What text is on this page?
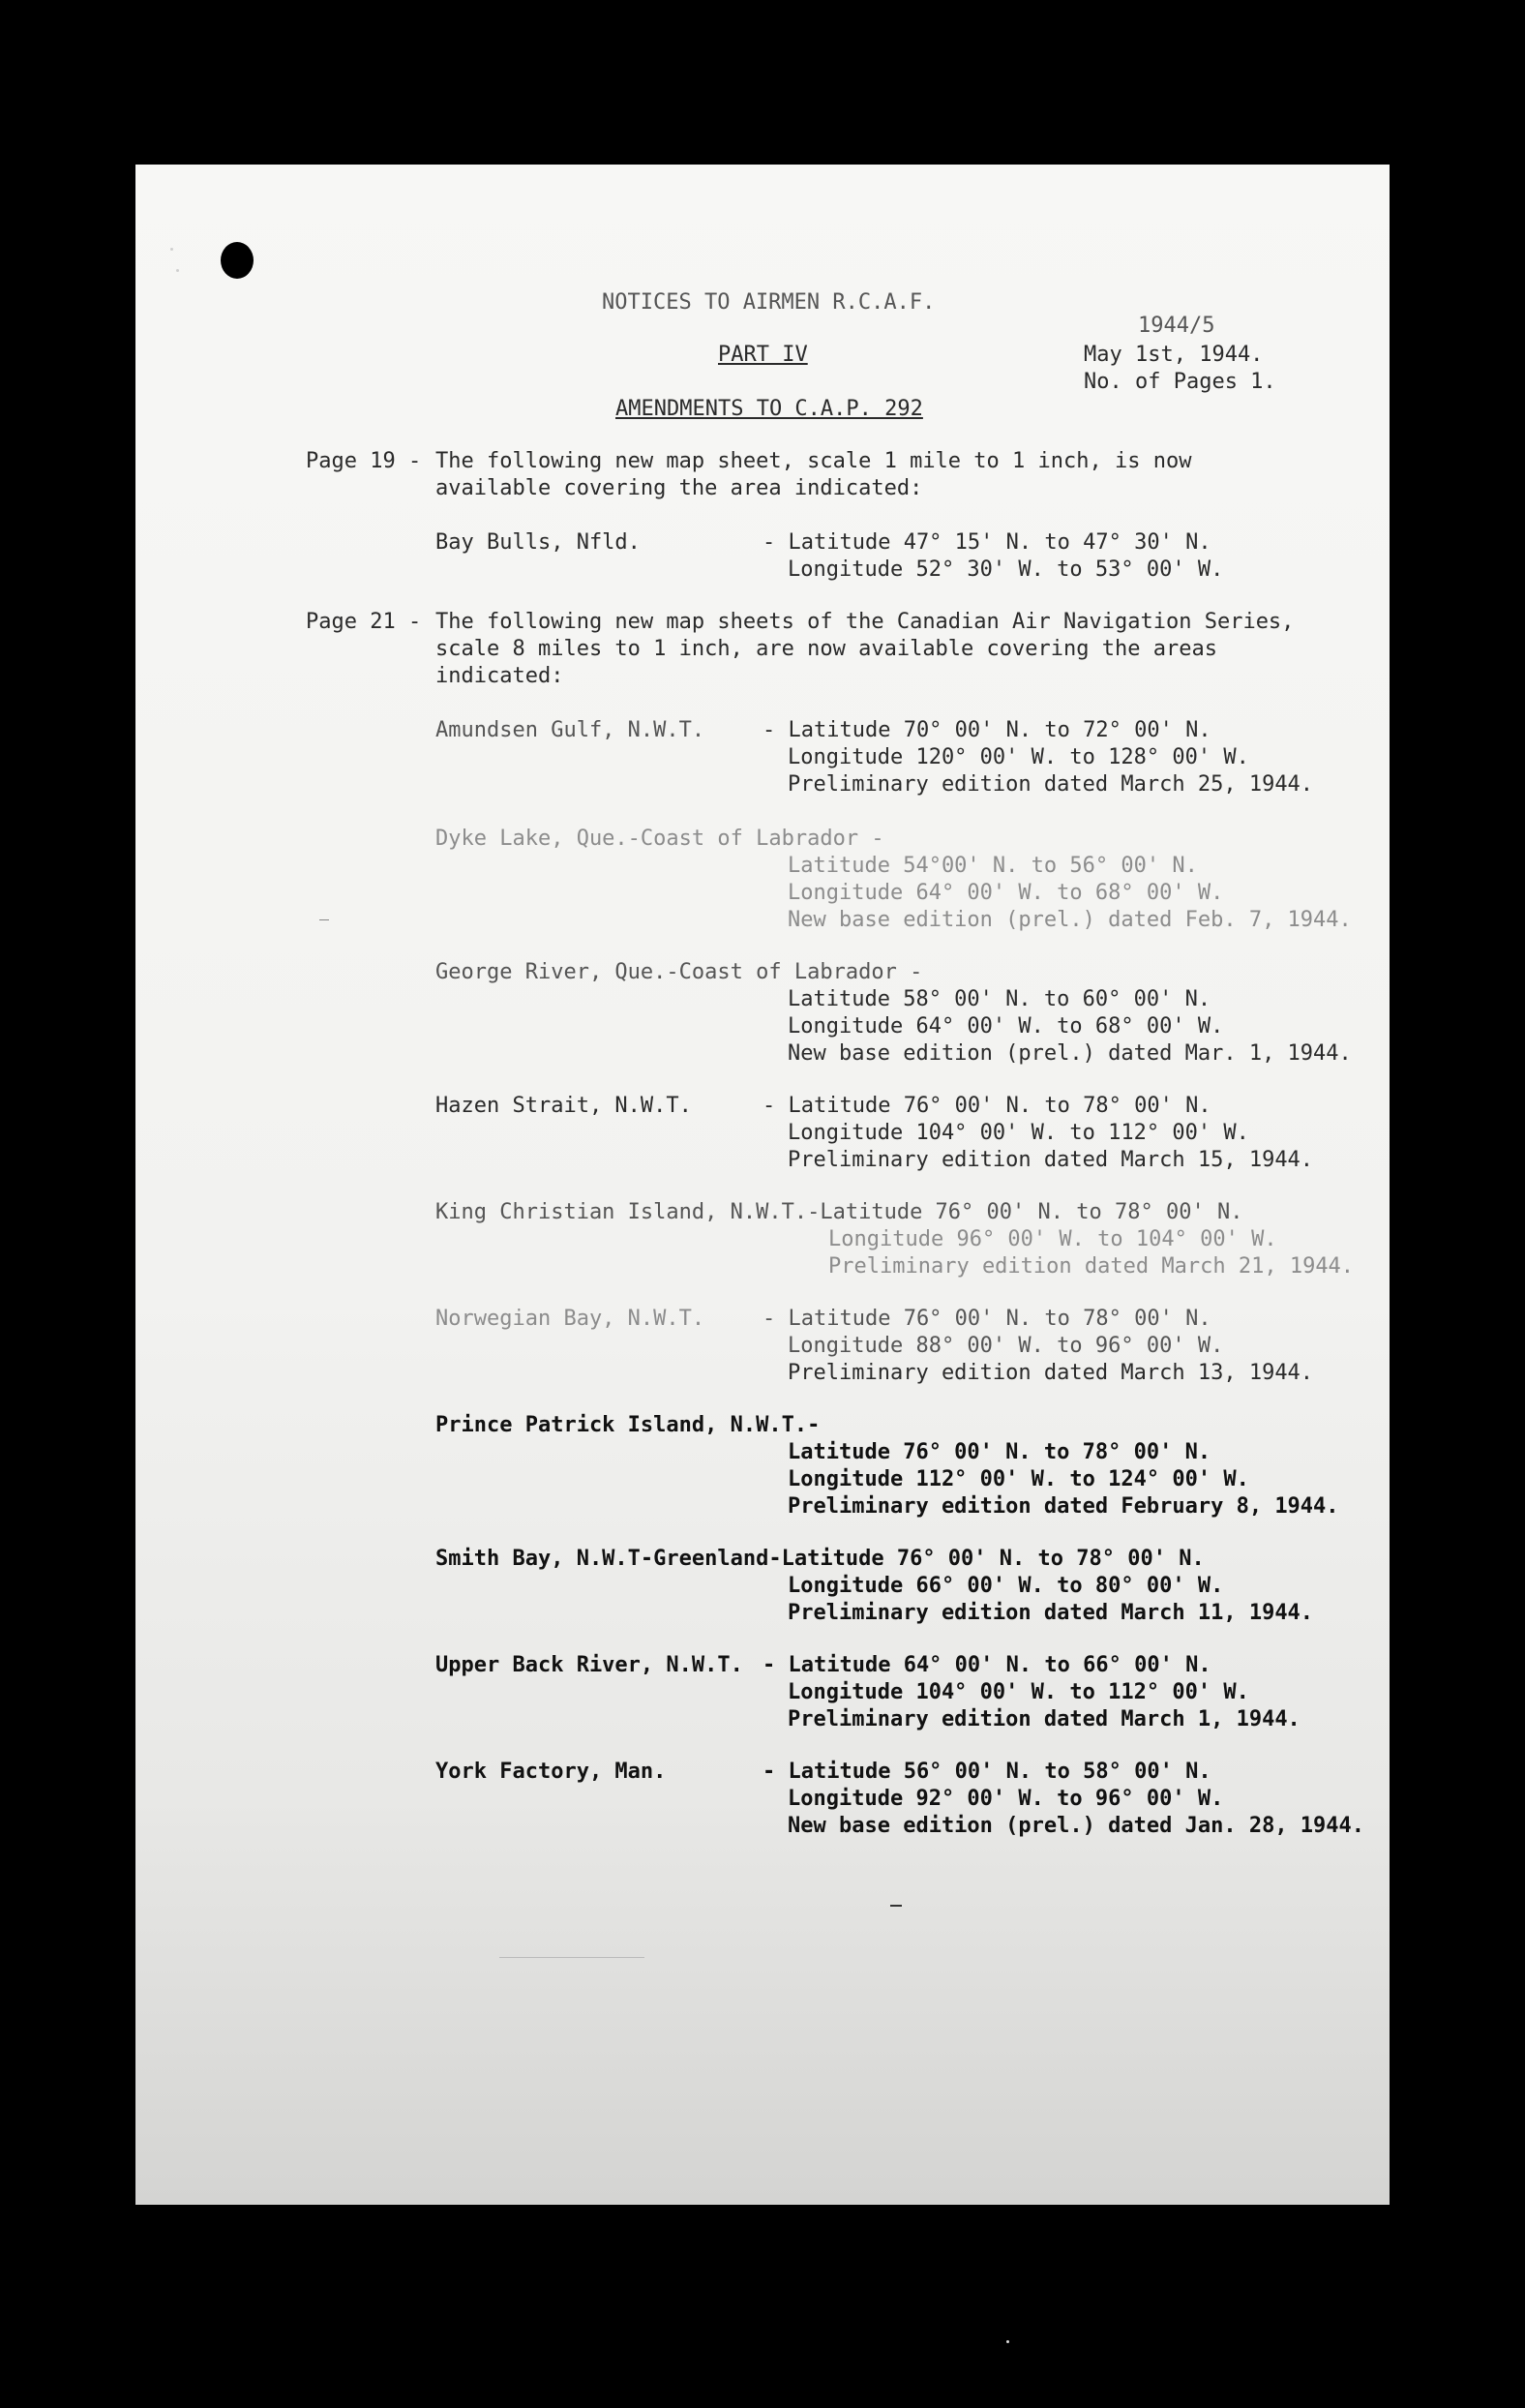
NOTICES TO AIRMEN R.C.A.F.
1944/5
PART IV	May 1st, 1944.
No. of Pages 1.
AMENDMENTS TO C.A.P. 292
Page 19 - The following new map sheet, scale 1 mile to 1 inch, is now
available covering the area indicated:
Bay Bulls, Nfld.	- Latitude 47° 15' N. to 47° 30' N.
Longitude 52° 30' W. to 53° 00' W.
Page 21 - The following new map sheets of the Canadian Air Navigation Series,
scale 8 miles to 1 inch, are now available covering the areas
indicated:
Amundsen Gulf, N.W.T.	- Latitude 70° 00' N. to 72° 00' N.
Longitude 120° 00' W. to 128° 00' W.
Preliminary edition dated March 25, 1944.
Dyke Lake, Que.-Coast of Labrador -
Latitude 54°00' N. to 56° 00' N.
Longitude 64° 00' W. to 68° 00' W.
New base edition (prel.) dated Feb. 7, 1944.
George River, Que.-Coast of Labrador -
Latitude 58° 00' N. to 60° 00' N.
Longitude 64° 00' W. to 68° 00' W.
New base edition (prel.) dated Mar. 1, 1944.
Hazen Strait, N.W.T.	- Latitude 76° 00' N. to 78° 00' N.
Longitude 104° 00' W. to 112° 00' W.
Preliminary edition dated March 15, 1944.
King Christian Island, N.W.T.-Latitude 76° 00' N. to 78° 00' N.
Longitude 96° 00' W. to 104° 00' W.
Preliminary edition dated March 21, 1944.
Norwegian Bay, N.W.T.	- Latitude 76° 00' N. to 78° 00' N.
Longitude 88° 00' W. to 96° 00' W.
Preliminary edition dated March 13, 1944.
Prince Patrick Island, N.W.T.-
Latitude 76° 00' N. to 78° 00' N.
Longitude 112° 00' W. to 124° 00' W.
Preliminary edition dated February 8, 1944.
Smith Bay, N.W.T-Greenland-Latitude 76° 00' N. to 78° 00' N.
Longitude 66° 00' W. to 80° 00' W.
Preliminary edition dated March 11, 1944.
Upper Back River, N.W.T. - Latitude 64° 00' N. to 66° 00' N.
Longitude 104° 00' W. to 112° 00' W.
Preliminary edition dated March 1, 1944.
York Factory, Man.	- Latitude 56° 00' N. to 58° 00' N.
Longitude 92° 00' W. to 96° 00' W.
New base edition (prel.) dated Jan. 28, 1944.
